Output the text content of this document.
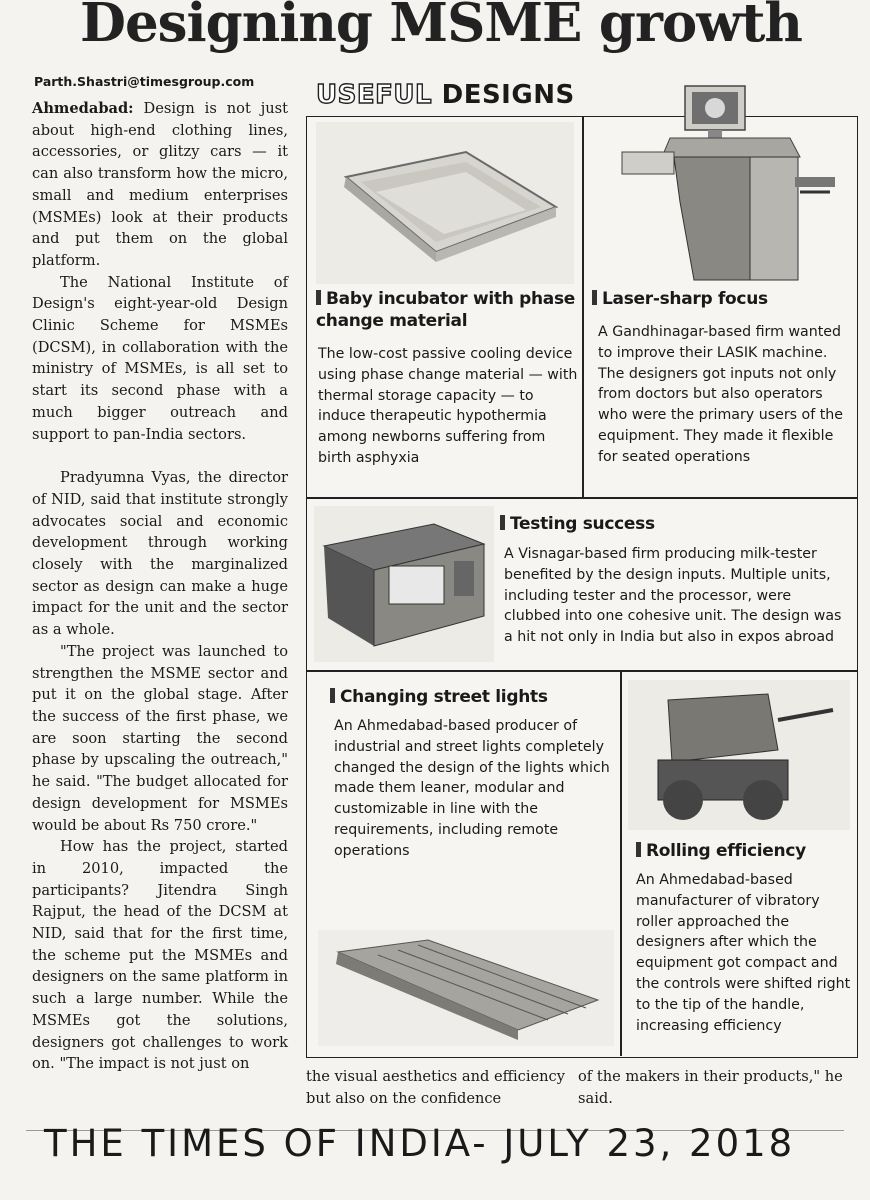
Designing MSME growth
Parth.Shastri@timesgroup.com

Ahmedabad: Design is not just about high-end clothing lines, accessories, or glitzy cars — it can also transform how the micro, small and medium enterprises (MSMEs) look at their products and put them on the global platform.

The National Institute of Design's eight-year-old Design Clinic Scheme for MSMEs (DCSM), in collaboration with the ministry of MSMEs, is all set to start its second phase with a much bigger outreach and support to pan-India sectors.

Pradyumna Vyas, the director of NID, said that institute strongly advocates social and economic development through working closely with the marginalized sector as design can make a huge impact for the unit and the sector as a whole.

"The project was launched to strengthen the MSME sector and put it on the global stage. After the success of the first phase, we are soon starting the second phase by upscaling the outreach," he said. "The budget allocated for design development for MSMEs would be about Rs 750 crore."

How has the project, started in 2010, impacted the participants? Jitendra Singh Rajput, the head of the DCSM at NID, said that for the first time, the scheme put the MSMEs and designers on the same platform in such a large number. While the MSMEs got the solutions, designers got challenges to work on. "The impact is not just on

USEFUL DESIGNS
Baby incubator with phase change material
The low-cost passive cooling device using phase change material — with thermal storage capacity — to induce therapeutic hypothermia among newborns suffering from birth asphyxia
Laser-sharp focus
A Gandhinagar-based firm wanted to improve their LASIK machine. The designers got inputs not only from doctors but also operators who were the primary users of the equipment. They made it flexible for seated operations
Testing success
A Visnagar-based firm producing milk-tester benefited by the design inputs. Multiple units, including tester and the processor, were clubbed into one cohesive unit. The design was a hit not only in India but also in expos abroad
Changing street lights
An Ahmedabad-based producer of industrial and street lights completely changed the design of the lights which made them leaner, modular and customizable in line with the requirements, including remote operations	Rolling efficiency
An Ahmedabad-based manufacturer of vibratory roller approached the designers after which the equipment got compact and the controls were shifted right to the tip of the handle, increasing efficiency
the visual aesthetics and efficiency but also on the confidence
of the makers in their products," he said.
THE TIMES OF INDIA- JULY 23, 2018
